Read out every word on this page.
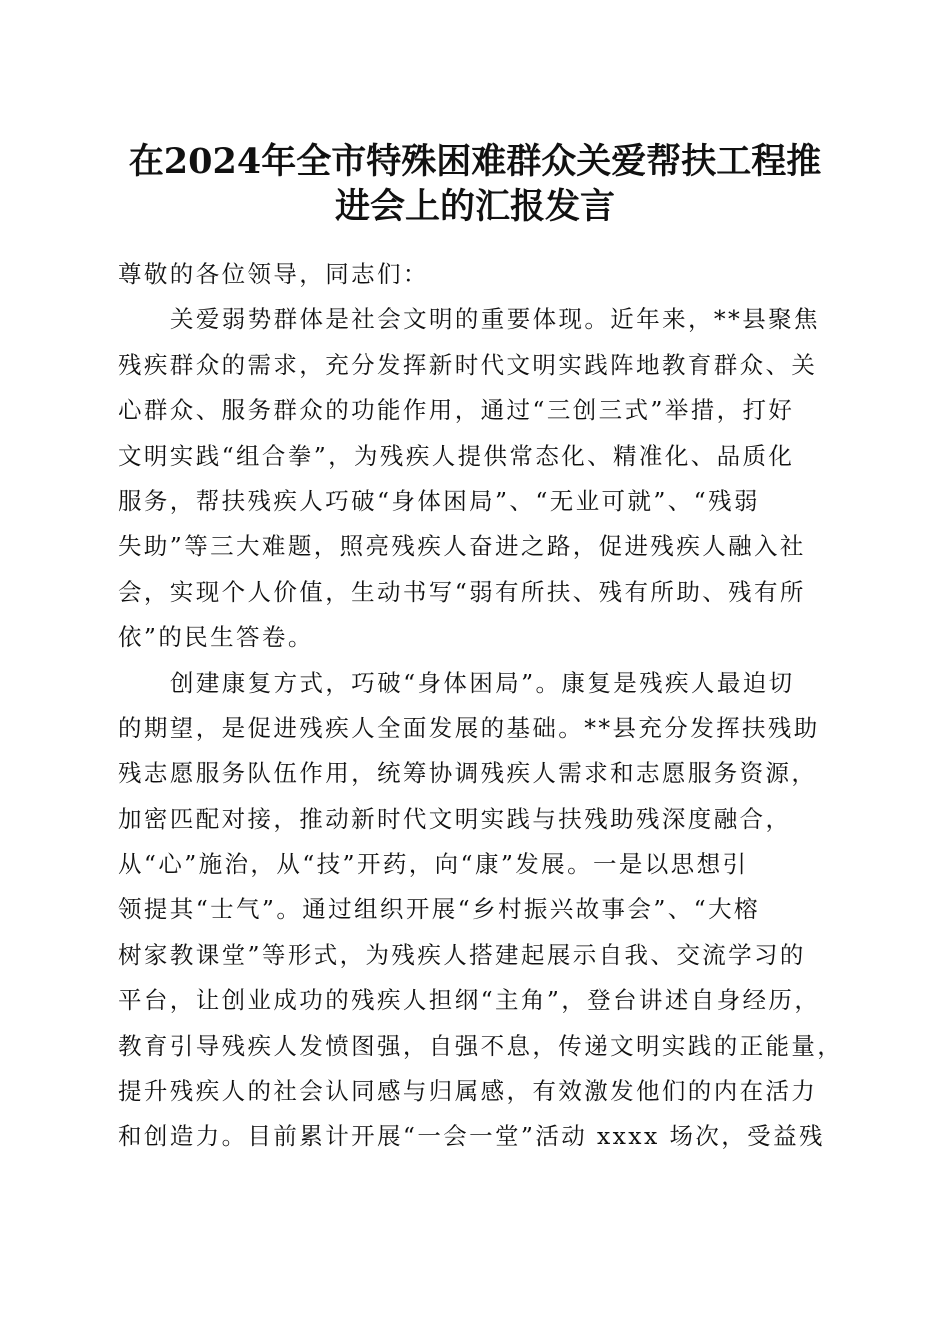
在2024年全市特殊困难群众关爱帮扶工程推
进会上的汇报发言
尊敬的各位领导，同志们：
关爱弱势群体是社会文明的重要体现。近年来，**县聚焦
残疾群众的需求，充分发挥新时代文明实践阵地教育群众、关
心群众、服务群众的功能作用，通过“三创三式”举措，打好
文明实践“组合拳”，为残疾人提供常态化、精准化、品质化
服务，帮扶残疾人巧破“身体困局”、“无业可就”、“残弱
失助”等三大难题，照亮残疾人奋进之路，促进残疾人融入社
会，实现个人价值，生动书写“弱有所扶、残有所助、残有所
依”的民生答卷。
创建康复方式，巧破“身体困局”。康复是残疾人最迫切
的期望，是促进残疾人全面发展的基础。**县充分发挥扶残助
残志愿服务队伍作用，统筹协调残疾人需求和志愿服务资源，
加密匹配对接，推动新时代文明实践与扶残助残深度融合，
从“心”施治，从“技”开药，向“康”发展。一是以思想引
领提其“士气”。通过组织开展“乡村振兴故事会”、“大榕
树家教课堂”等形式，为残疾人搭建起展示自我、交流学习的
平台，让创业成功的残疾人担纲“主角”，登台讲述自身经历，
教育引导残疾人发愤图强，自强不息，传递文明实践的正能量，
提升残疾人的社会认同感与归属感，有效激发他们的内在活力
和创造力。目前累计开展“一会一堂”活动 xxxx 场次，受益残
